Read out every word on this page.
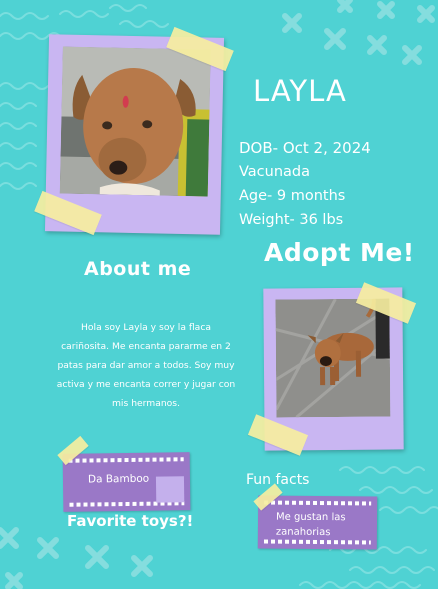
LAYLA
DOB- Oct 2, 2024
Vacunada
Age- 9 months
Weight- 36 lbs
Adopt Me!
About me
Hola soy Layla y soy la flaca cariñosita. Me encanta pararme en 2 patas para dar amor a todos. Soy muy activa y me encanta correr y jugar con mis hermanos.
Da Bamboo
Favorite toys?!
Fun facts
Me gustan las zanahorias
